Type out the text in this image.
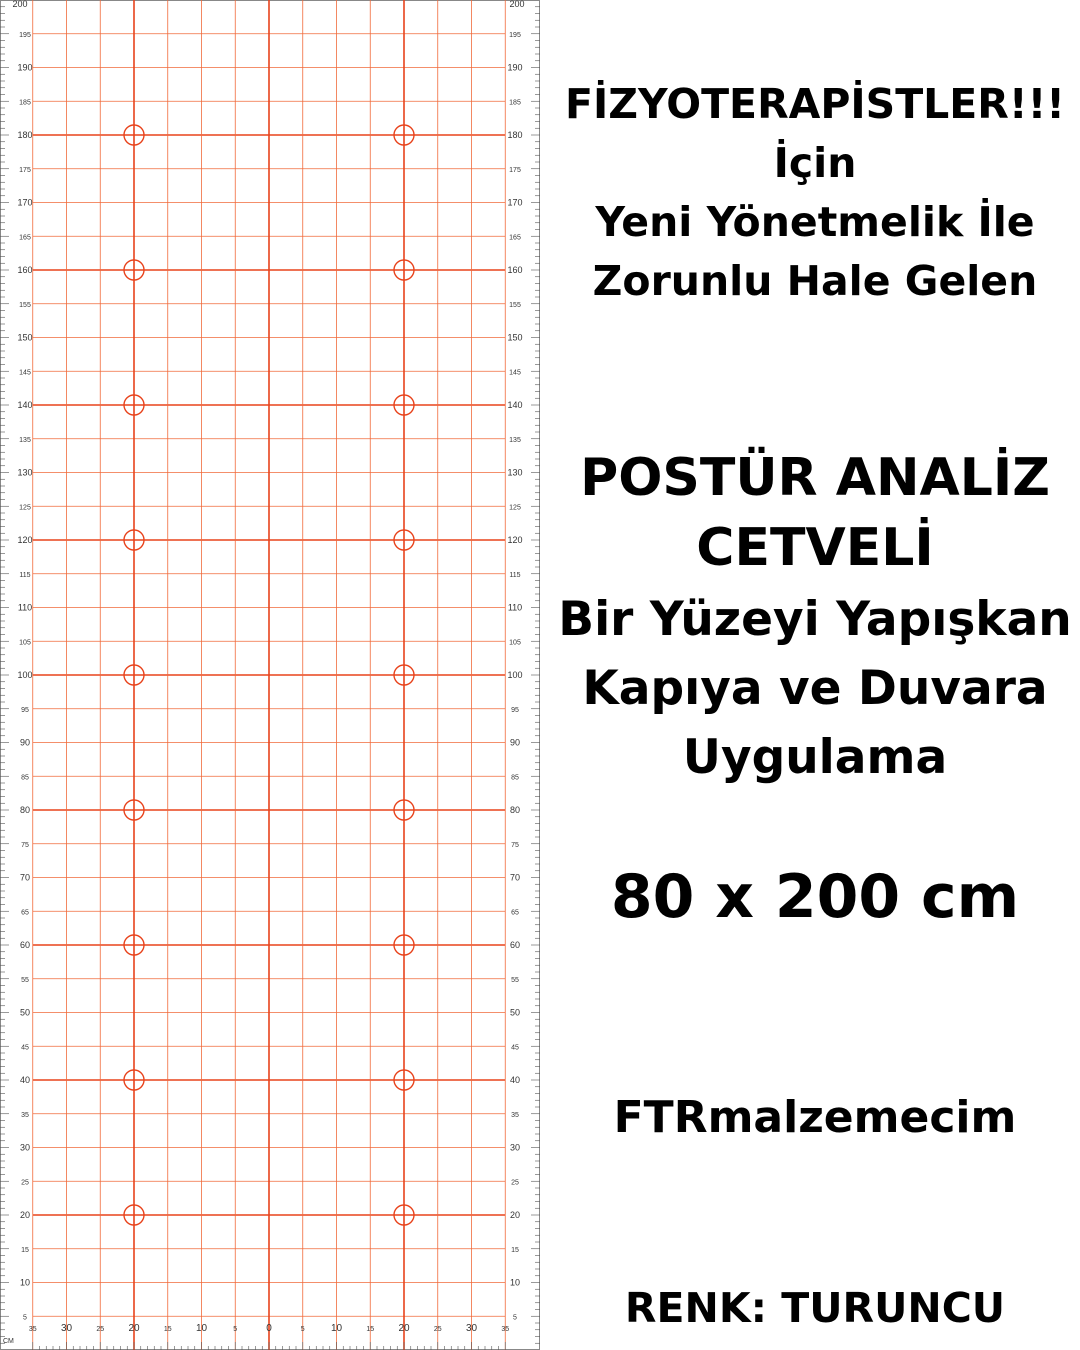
5	5
10	10
15	15
20	20
25	25
30	30
35	35
40	40
45	45
50	50
55	55
60	60
65	65
70	70
75	75
80	80
85	85
90	90
95	95
100	100
105	105
110	110
115	115
120	120
125	125
130	130
135	135
140	140
145	145
150	150
155	155
160	160
165	165
170	170
175	175
180	180
185	185
190	190
195	195
200	200
35 30	25 20	15 10	5	0	5	10	15 20	25 30	35
CM
FİZYOTERAPİSTLER!!!
İçin
Yeni Yönetmelik İle
Zorunlu Hale Gelen
POSTÜR ANALİZ
CETVELİ
Bir Yüzeyi Yapışkan
Kapıya ve Duvara
Uygulama
80 x 200 cm
FTRmalzemecim
RENK: TURUNCU
